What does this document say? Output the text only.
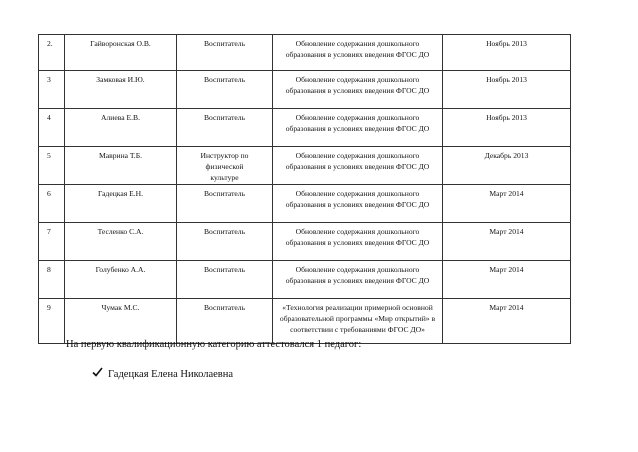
2.	Гайворонская О.В.	Воспитатель	Обновление содержания дошкольного
образования в условиях введения ФГОС ДО	Ноябрь 2013
3	Замковая И.Ю.	Воспитатель	Обновление содержания дошкольного
образования в условиях введения ФГОС ДО	Ноябрь 2013
4	Алиева Е.В.	Воспитатель	Обновление содержания дошкольного
образования в условиях введения ФГОС ДО	Ноябрь 2013
5	Маврина Т.Б.	Инструктор по
физической
культуре	Обновление содержания дошкольного
образования в условиях введения ФГОС ДО	Декабрь 2013
6	Гадецкая Е.Н.	Воспитатель	Обновление содержания дошкольного
образования в условиях введения ФГОС ДО	Март 2014
7	Тесленко С.А.	Воспитатель	Обновление содержания дошкольного
образования в условиях введения ФГОС ДО	Март 2014
8	Голубенко А.А.	Воспитатель	Обновление содержания дошкольного
образования в условиях введения ФГОС ДО	Март 2014
9	Чумак М.С.	Воспитатель	«Технология реализации примерной основной
образовательной программы «Мир открытий» в
соответствии с требованиями ФГОС ДО»	Март 2014
На первую квалификационную категорию аттестовался 1 педагог:
Гадецкая Елена Николаевна
